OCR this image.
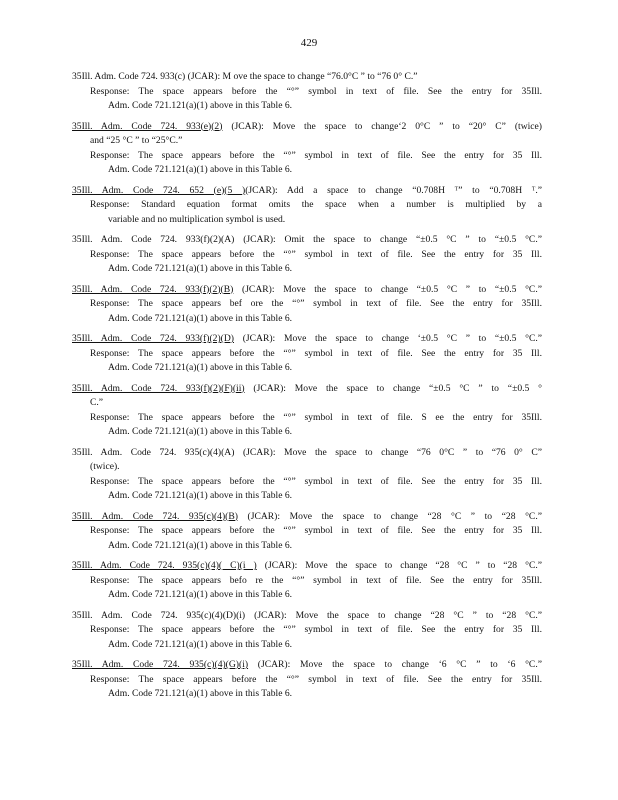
429
35Ill. Adm. Code 724. 933(c) (JCAR): M ove the space to change “76.0°C ” to “76 0° C.”
Response: The space appears before the “°” symbol in text of file. See the entry for 35Ill.
Adm. Code 721.121(a)(1) above in this Table 6.
35Ill. Adm. Code 724. 933(e)(2) (JCAR): Move the space to change‘2 0°C ” to “20° C” (twice)
and “25 °C ” to “25°C.”
Response: The space appears before the “°” symbol in text of file. See the entry for 35 Ill.
Adm. Code 721.121(a)(1) above in this Table 6.
35Ill. Adm. Code 724. 652 (e)(5 )(JCAR): Add a space to change “0.708H ᵀ” to “0.708H ᵀ.”
Response: Standard equation format omits the space when a number is multiplied by a
variable and no multiplication symbol is used.
35Ill. Adm. Code 724. 933(f)(2)(A) (JCAR): Omit the space to change “±0.5 °C ” to “±0.5 °C.”
Response: The space appears before the “°” symbol in text of file. See the entry for 35 Ill.
Adm. Code 721.121(a)(1) above in this Table 6.
35Ill. Adm. Code 724. 933(f)(2)(B) (JCAR): Move the space to change “±0.5 °C ” to “±0.5 °C.”
Response: The space appears bef ore the “°” symbol in text of file. See the entry for 35Ill.
Adm. Code 721.121(a)(1) above in this Table 6.
35Ill. Adm. Code 724. 933(f)(2)(D) (JCAR): Move the space to change ‘±0.5 °C ” to “±0.5 °C.”
Response: The space appears before the “°” symbol in text of file. See the entry for 35 Ill.
Adm. Code 721.121(a)(1) above in this Table 6.
35Ill. Adm. Code 724. 933(f)(2)(F)(ii) (JCAR): Move the space to change “±0.5 °C ” to “±0.5 °
C.”
Response: The space appears before the “°” symbol in text of file. S ee the entry for 35Ill.
Adm. Code 721.121(a)(1) above in this Table 6.
35Ill. Adm. Code 724. 935(c)(4)(A) (JCAR): Move the space to change “76 0°C ” to “76 0° C”
(twice).
Response: The space appears before the “°” symbol in text of file. See the entry for 35 Ill.
Adm. Code 721.121(a)(1) above in this Table 6.
35Ill. Adm. Code 724. 935(c)(4)(B) (JCAR): Move the space to change “28 °C ” to “28 °C.”
Response: The space appears before the “°” symbol in text of file. See the entry for 35 Ill.
Adm. Code 721.121(a)(1) above in this Table 6.
35Ill. Adm. Code 724. 935(c)(4)( C)(i ) (JCAR): Move the space to change “28 °C ” to “28 °C.”
Response: The space appears befo re the “°” symbol in text of file. See the entry for 35Ill.
Adm. Code 721.121(a)(1) above in this Table 6.
35Ill. Adm. Code 724. 935(c)(4)(D)(i) (JCAR): Move the space to change “28 °C ” to “28 °C.”
Response: The space appears before the “°” symbol in text of file. See the entry for 35 Ill.
Adm. Code 721.121(a)(1) above in this Table 6.
35Ill. Adm. Code 724. 935(c)(4)(G)(i) (JCAR): Move the space to change ‘6 °C ” to ‘6 °C.”
Response: The space appears before the “°” symbol in text of file. See the entry for 35Ill.
Adm. Code 721.121(a)(1) above in this Table 6.
